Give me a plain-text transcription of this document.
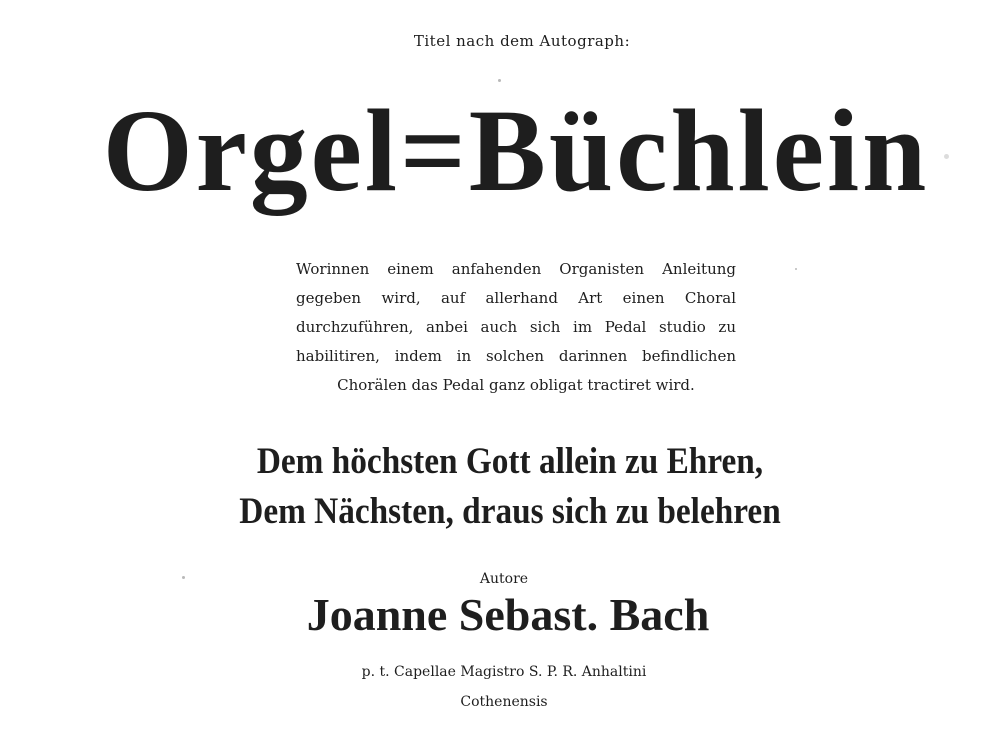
Titel nach dem Autograph:
Orgel=Büchlein
Worinnen einem anfahenden Organisten Anleitung
gegeben wird, auf allerhand Art einen Choral
durchzuführen, anbei auch sich im Pedal studio zu
habilitiren, indem in solchen darinnen befindlichen
Chorälen das Pedal ganz obligat tractiret wird.
Dem höchsten Gott allein zu Ehren,
Dem Nächsten, draus sich zu belehren
Autore
Joanne Sebast. Bach
p. t. Capellae Magistro S. P. R. Anhaltini
Cothenensis
